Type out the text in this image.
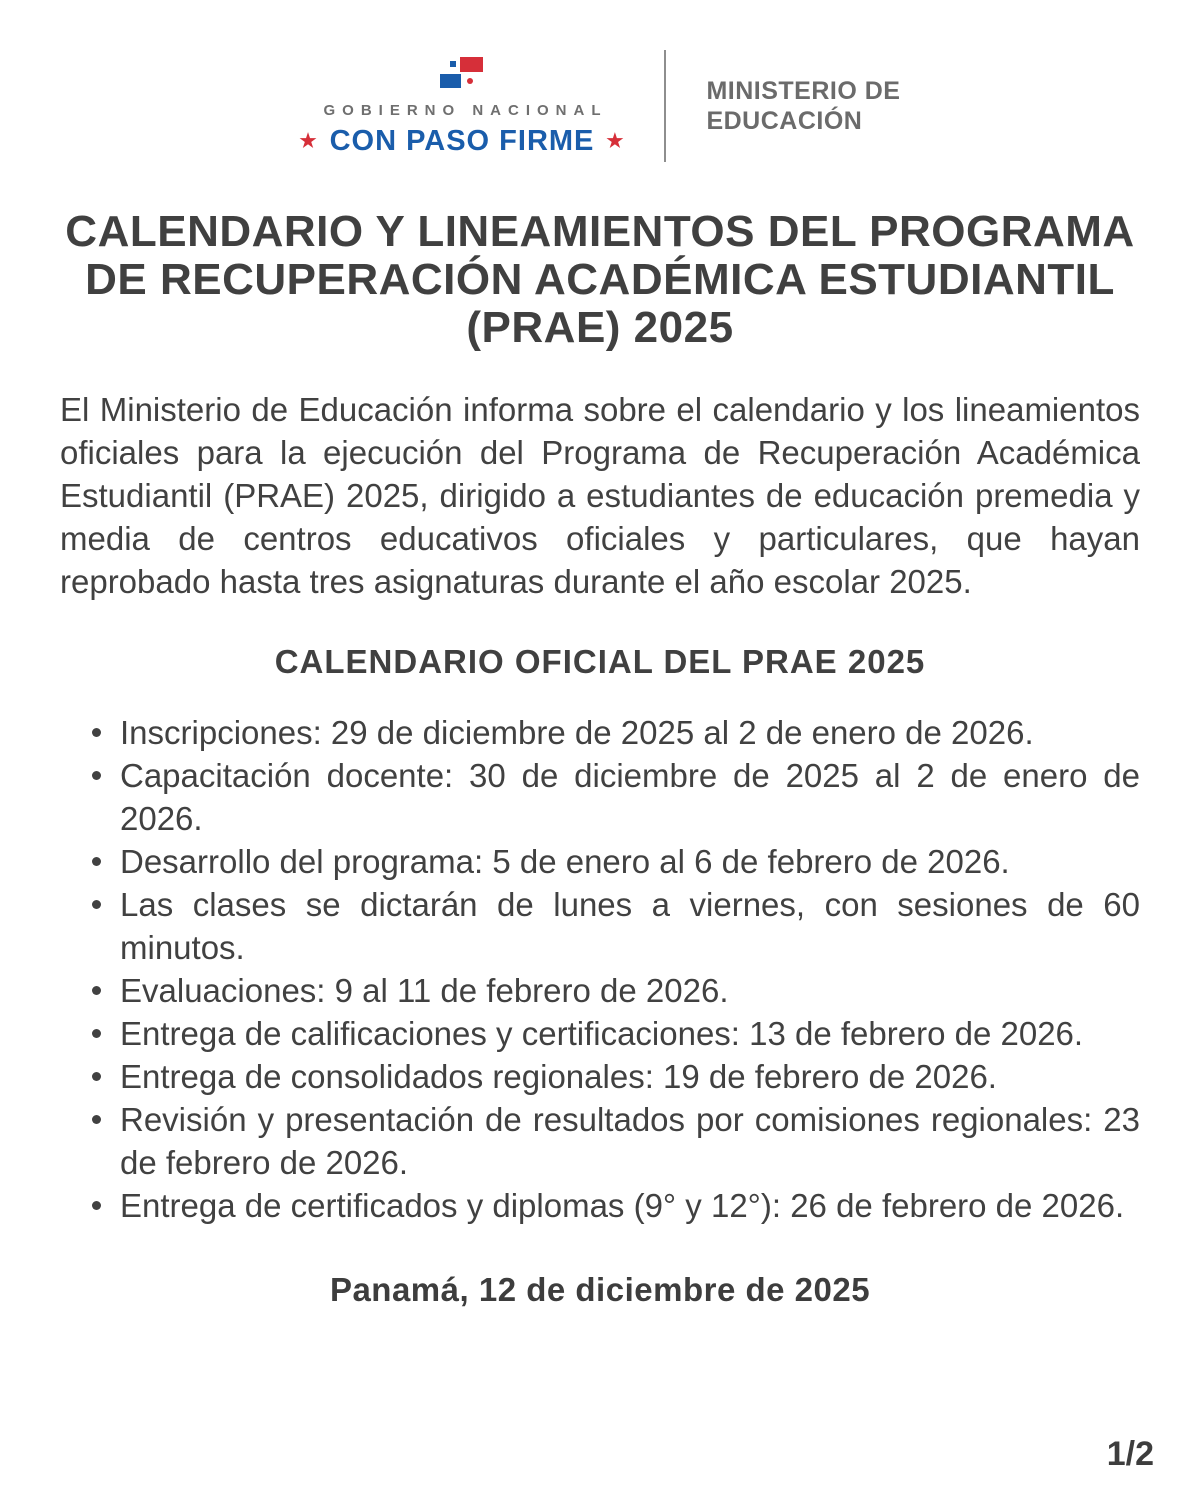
GOBIERNO NACIONAL
★ CON PASO FIRME ★
MINISTERIO DE
EDUCACIÓN
CALENDARIO Y LINEAMIENTOS DEL PROGRAMA
DE RECUPERACIÓN ACADÉMICA ESTUDIANTIL
(PRAE) 2025

El Ministerio de Educación informa sobre el calendario y los lineamientos oficiales para la ejecución del Programa de Recuperación Académica Estudiantil (PRAE) 2025, dirigido a estudiantes de educación premedia y media de centros educativos oficiales y particulares, que hayan reprobado hasta tres asignaturas durante el año escolar 2025.

CALENDARIO OFICIAL DEL PRAE 2025
Inscripciones: 29 de diciembre de 2025 al 2 de enero de 2026.
Capacitación docente: 30 de diciembre de 2025 al 2 de enero de 2026.
Desarrollo del programa: 5 de enero al 6 de febrero de 2026.
Las clases se dictarán de lunes a viernes, con sesiones de 60 minutos.
Evaluaciones: 9 al 11 de febrero de 2026.
Entrega de calificaciones y certificaciones: 13 de febrero de 2026.
Entrega de consolidados regionales: 19 de febrero de 2026.
Revisión y presentación de resultados por comisiones regionales: 23 de febrero de 2026.
Entrega de certificados y diplomas (9° y 12°): 26 de febrero de 2026.
Panamá, 12 de diciembre de 2025
1/2
